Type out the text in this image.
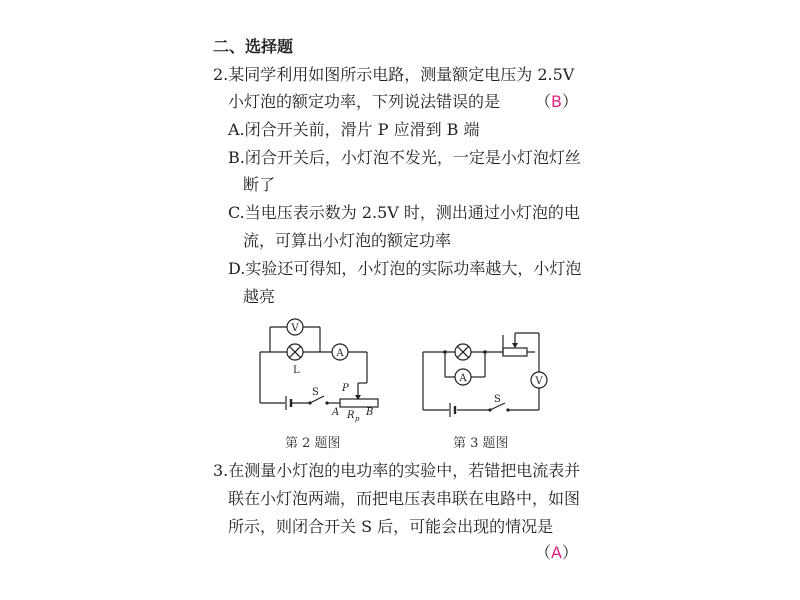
二、选择题
2.某同学利用如图所示电路，测量额定电压为 2.5V
小灯泡的额定功率，下列说法错误的是 （B）
A.闭合开关前，滑片 P 应滑到 B 端
B.闭合开关后，小灯泡不发光，一定是小灯泡灯丝
断了
C.当电压表示数为 2.5V 时，测出通过小灯泡的电
流，可算出小灯泡的额定功率
D.实验还可得知，小灯泡的实际功率越大，小灯泡
越亮
V
L
A
S P
A R p
B
A	V
S
第 2 题图	第 3 题图
3.在测量小灯泡的电功率的实验中，若错把电流表并
联在小灯泡两端，而把电压表串联在电路中，如图
所示，则闭合开关 S 后，可能会出现的情况是
（A）
